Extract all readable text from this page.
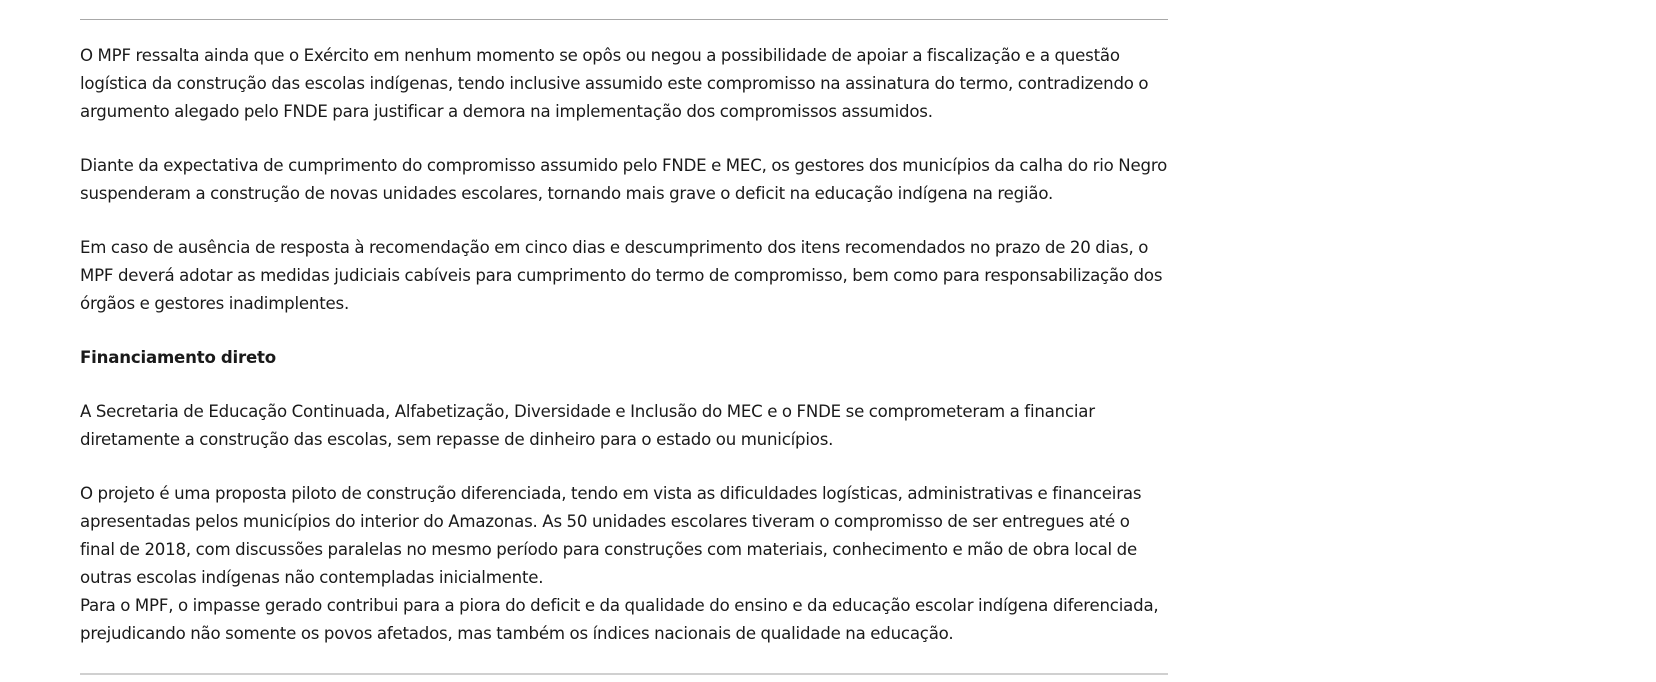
O MPF ressalta ainda que o Exército em nenhum momento se opôs ou negou a possibilidade de apoiar a fiscalização e a questão logística da construção das escolas indígenas, tendo inclusive assumido este compromisso na assinatura do termo, contradizendo o argumento alegado pelo FNDE para justificar a demora na implementação dos compromissos assumidos.

Diante da expectativa de cumprimento do compromisso assumido pelo FNDE e MEC, os gestores dos municípios da calha do rio Negro suspenderam a construção de novas unidades escolares, tornando mais grave o deficit na educação indígena na região.

Em caso de ausência de resposta à recomendação em cinco dias e descumprimento dos itens recomendados no prazo de 20 dias, o MPF deverá adotar as medidas judiciais cabíveis para cumprimento do termo de compromisso, bem como para responsabilização dos órgãos e gestores inadimplentes.

Financiamento direto

A Secretaria de Educação Continuada, Alfabetização, Diversidade e Inclusão do MEC e o FNDE se comprometeram a financiar diretamente a construção das escolas, sem repasse de dinheiro para o estado ou municípios.

O projeto é uma proposta piloto de construção diferenciada, tendo em vista as dificuldades logísticas, administrativas e financeiras apresentadas pelos municípios do interior do Amazonas. As 50 unidades escolares tiveram o compromisso de ser entregues até o final de 2018, com discussões paralelas no mesmo período para construções com materiais, conhecimento e mão de obra local de outras escolas indígenas não contempladas inicialmente.

Para o MPF, o impasse gerado contribui para a piora do deficit e da qualidade do ensino e da educação escolar indígena diferenciada, prejudicando não somente os povos afetados, mas também os índices nacionais de qualidade na educação.
